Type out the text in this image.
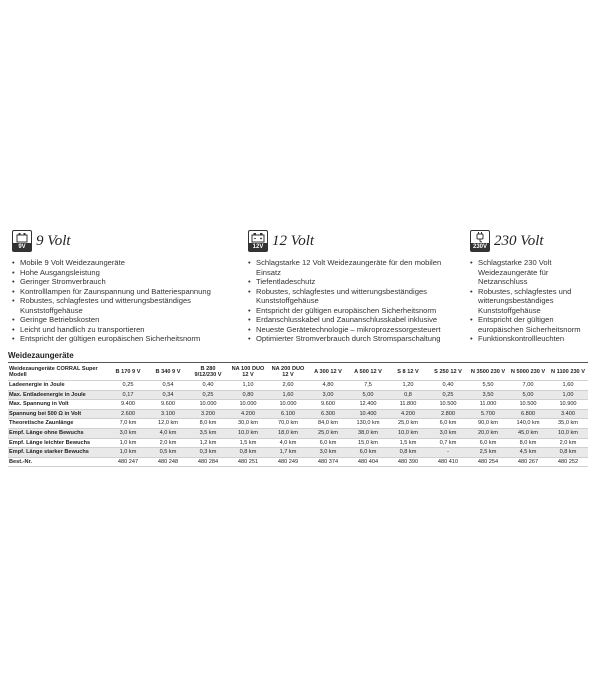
9V 9 Volt
• Mobile 9 Volt Weidezaungeräte
• Hohe Ausgangsleistung
• Geringer Stromverbrauch
• Kontrolllampen für Zaunspannung und Batteriespannung
• Robustes, schlagfestes und witterungsbeständiges Kunststoffgehäuse
• Geringe Betriebskosten
• Leicht und handlich zu transportieren
• Entspricht der gültigen europäischen Sicherheitsnorm
12V 12 Volt
• Schlagstarke 12 Volt Weidezaungeräte für den mobilen Einsatz
• Tiefentladeschutz
• Robustes, schlagfestes und witterungsbeständiges Kunststoffgehäuse
• Entspricht der gültigen europäischen Sicherheitsnorm
• Erdanschlusskabel und Zaunanschlusskabel inklusive
• Neueste Gerätetechnologie – mikroprozessorgesteuert
• Optimierter Stromverbrauch durch Stromsparschaltung
230V 230 Volt
• Schlagstarke 230 Volt Weidezaungeräte für Netzanschluss
• Robustes, schlagfestes und witterungsbeständiges Kunststoffgehäuse
• Entspricht der gültigen europäischen Sicherheitsnorm
• Funktionskontrollleuchten
Weidezaungeräte
Weidezaungeräte CORRAL Super Modell	B 170 9 V	B 340 9 V	B 280 9/12/230 V	NA 100 DUO 12 V	NA 200 DUO 12 V	A 300 12 V	A 500 12 V	S 8 12 V	S 250 12 V	N 3500 230 V	N 5000 230 V	N 1100 230 V
Ladeenergie in Joule	0,25	0,54	0,40	1,10	2,60	4,80	7,5	1,20	0,40	5,50	7,00	1,60
Max. Entladeenergie in Joule	0,17	0,34	0,25	0,80	1,60	3,00	5,00	0,8	0,25	3,50	5,00	1,00
Max. Spannung in Volt	9.400	9.600	10.000	10.000	10.000	9.600	12.400	11.800	10.500	11.000	10.500	10.900
Spannung bei 500 Ω in Volt	2.600	3.100	3.200	4.200	6.100	6.300	10.400	4.200	2.800	5.700	6.800	3.400
Theoretische Zaunlänge	7,0 km	12,0 km	8,0 km	30,0 km	70,0 km	84,0 km	130,0 km	25,0 km	6,0 km	90,0 km	140,0 km	35,0 km
Empf. Länge ohne Bewuchs	3,0 km	4,0 km	3,5 km	10,0 km	18,0 km	25,0 km	38,0 km	10,0 km	3,0 km	20,0 km	45,0 km	10,0 km
Empf. Länge leichter Bewuchs	1,0 km	2,0 km	1,2 km	1,5 km	4,0 km	6,0 km	15,0 km	1,5 km	0,7 km	6,0 km	8,0 km	2,0 km
Empf. Länge starker Bewuchs	1,0 km	0,5 km	0,3 km	0,8 km	1,7 km	3,0 km	6,0 km	0,8 km	-	2,5 km	4,5 km	0,8 km
Best.-Nr.	480 247	480 248	480 284	480 251	480 249	480 374	480 404	480 390	480 410	480 254	480 267	480 252
